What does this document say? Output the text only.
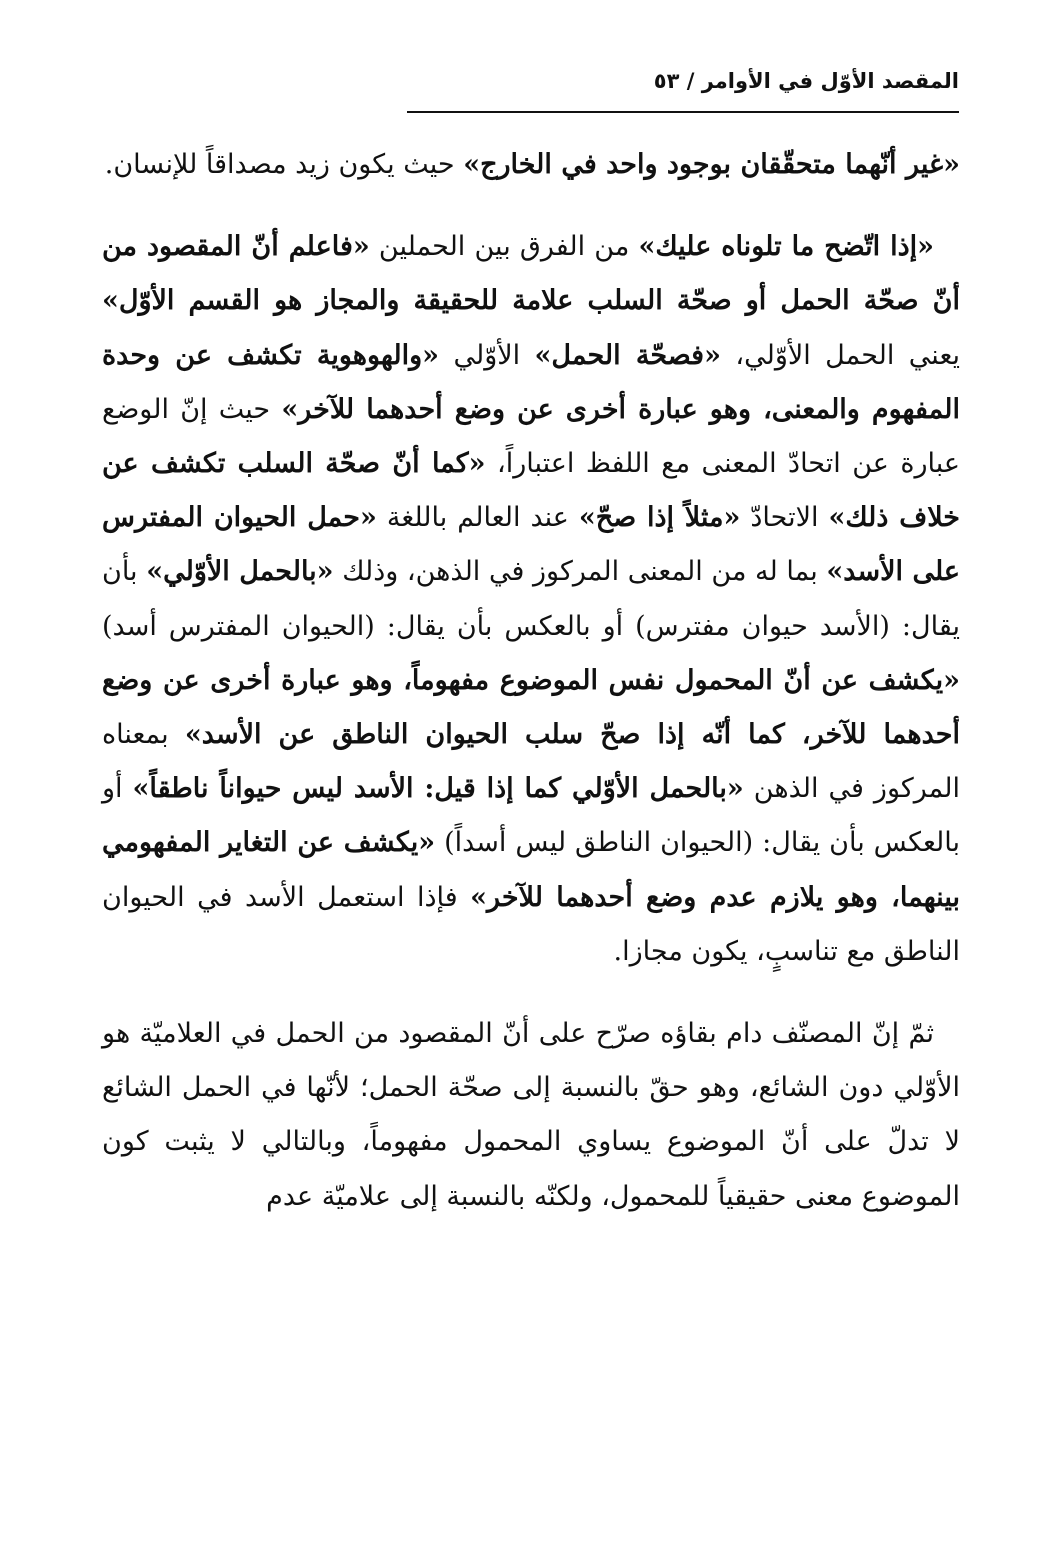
المقصد الأوّل في الأوامر / ٥٣

«غير أنّهما متحقّقان بوجود واحد في الخارج» حيث يكون زيد مصداقاً للإنسان.

«إذا اتّضح ما تلوناه عليك» من الفرق بين الحملين «فاعلم أنّ المقصود من أنّ صحّة الحمل أو صحّة السلب علامة للحقيقة والمجاز هو القسم الأوّل» يعني الحمل الأوّلي، «فصحّة الحمل» الأوّلي «والهوهوية تكشف عن وحدة المفهوم والمعنى، وهو عبارة أخرى عن وضع أحدهما للآخر» حيث إنّ الوضع عبارة عن اتحادّ المعنى مع اللفظ اعتباراً، «كما أنّ صحّة السلب تكشف عن خلاف ذلك» الاتحادّ «مثلاً إذا صحّ» عند العالم باللغة «حمل الحيوان المفترس على الأسد» بما له من المعنى المركوز في الذهن، وذلك «بالحمل الأوّلي» بأن يقال: (الأسد حيوان مفترس) أو بالعكس بأن يقال: (الحيوان المفترس أسد) «يكشف عن أنّ المحمول نفس الموضوع مفهوماً، وهو عبارة أخرى عن وضع أحدهما للآخر، كما أنّه إذا صحّ سلب الحيوان الناطق عن الأسد» بمعناه المركوز في الذهن «بالحمل الأوّلي كما إذا قيل: الأسد ليس حيواناً ناطقاً» أو بالعكس بأن يقال: (الحيوان الناطق ليس أسداً) «يكشف عن التغاير المفهومي بينهما، وهو يلازم عدم وضع أحدهما للآخر» فإذا استعمل الأسد في الحيوان الناطق مع تناسبٍ، يكون مجازا.

ثمّ إنّ المصنّف دام بقاؤه صرّح على أنّ المقصود من الحمل في العلاميّة هو الأوّلي دون الشائع، وهو حقّ بالنسبة إلى صحّة الحمل؛ لأنّها في الحمل الشائع لا تدلّ على أنّ الموضوع يساوي المحمول مفهوماً، وبالتالي لا يثبت كون الموضوع معنى حقيقياً للمحمول، ولكنّه بالنسبة إلى علاميّة عدم
